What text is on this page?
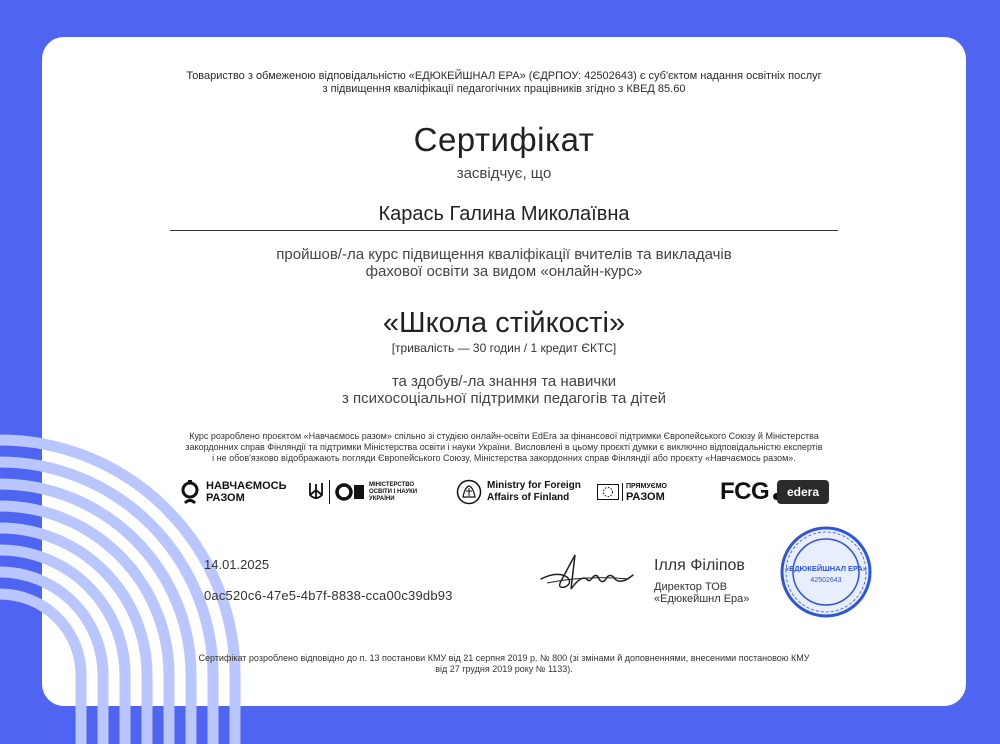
Товариство з обмеженою відповідальністю «ЕДЮКЕЙШНАЛ ЕРА» (ЄДРПОУ: 42502643) є суб'єктом надання освітніх послуг
з підвищення кваліфікації педагогічних працівників згідно з КВЕД 85.60
Сертифікат
засвідчує, що
Карась Галина Миколаївна
пройшов/-ла курс підвищення кваліфікації вчителів та викладачів
фахової освіти за видом «онлайн-курс»
«Школа стійкості»
[тривалість — 30 годин / 1 кредит ЄКТС]
та здобув/-ла знання та навички
з психосоціальної підтримки педагогів та дітей
Курс розроблено проєктом «Навчаємось разом» спільно зі студією онлайн-освіти EdEra за фінансової підтримки Європейського Союзу й Міністерства
закордонних справ Фінляндії та підтримки Міністерства освіти і науки України. Висловлені в цьому проєкті думки є виключно відповідальністю експертів
і не обов'язково відображають погляди Європейського Союзу, Міністерства закордонних справ Фінляндії або проєкту «Навчаємось разом».
НАВЧАЄМОСЬ
РАЗОМ
МІНІСТЕРСТВО
ОСВІТИ І НАУКИ
УКРАЇНИ
Ministry for Foreign
Affairs of Finland
ПРЯМУЄМО
РАЗОМ FCG	edera
14.01.2025
0ac520c6-47e5-4b7f-8838-cca00c39db93
Ілля Філіпов
Директор ТОВ
«Едюкейшнл Ера»
«ЕДЮКЕЙШНАЛ ЕРА»
42502643
Сертифікат розроблено відповідно до п. 13 постанови КМУ від 21 серпня 2019 р. № 800 (зі змінами й доповненнями, внесеними постановою КМУ
від 27 грудня 2019 року № 1133).
